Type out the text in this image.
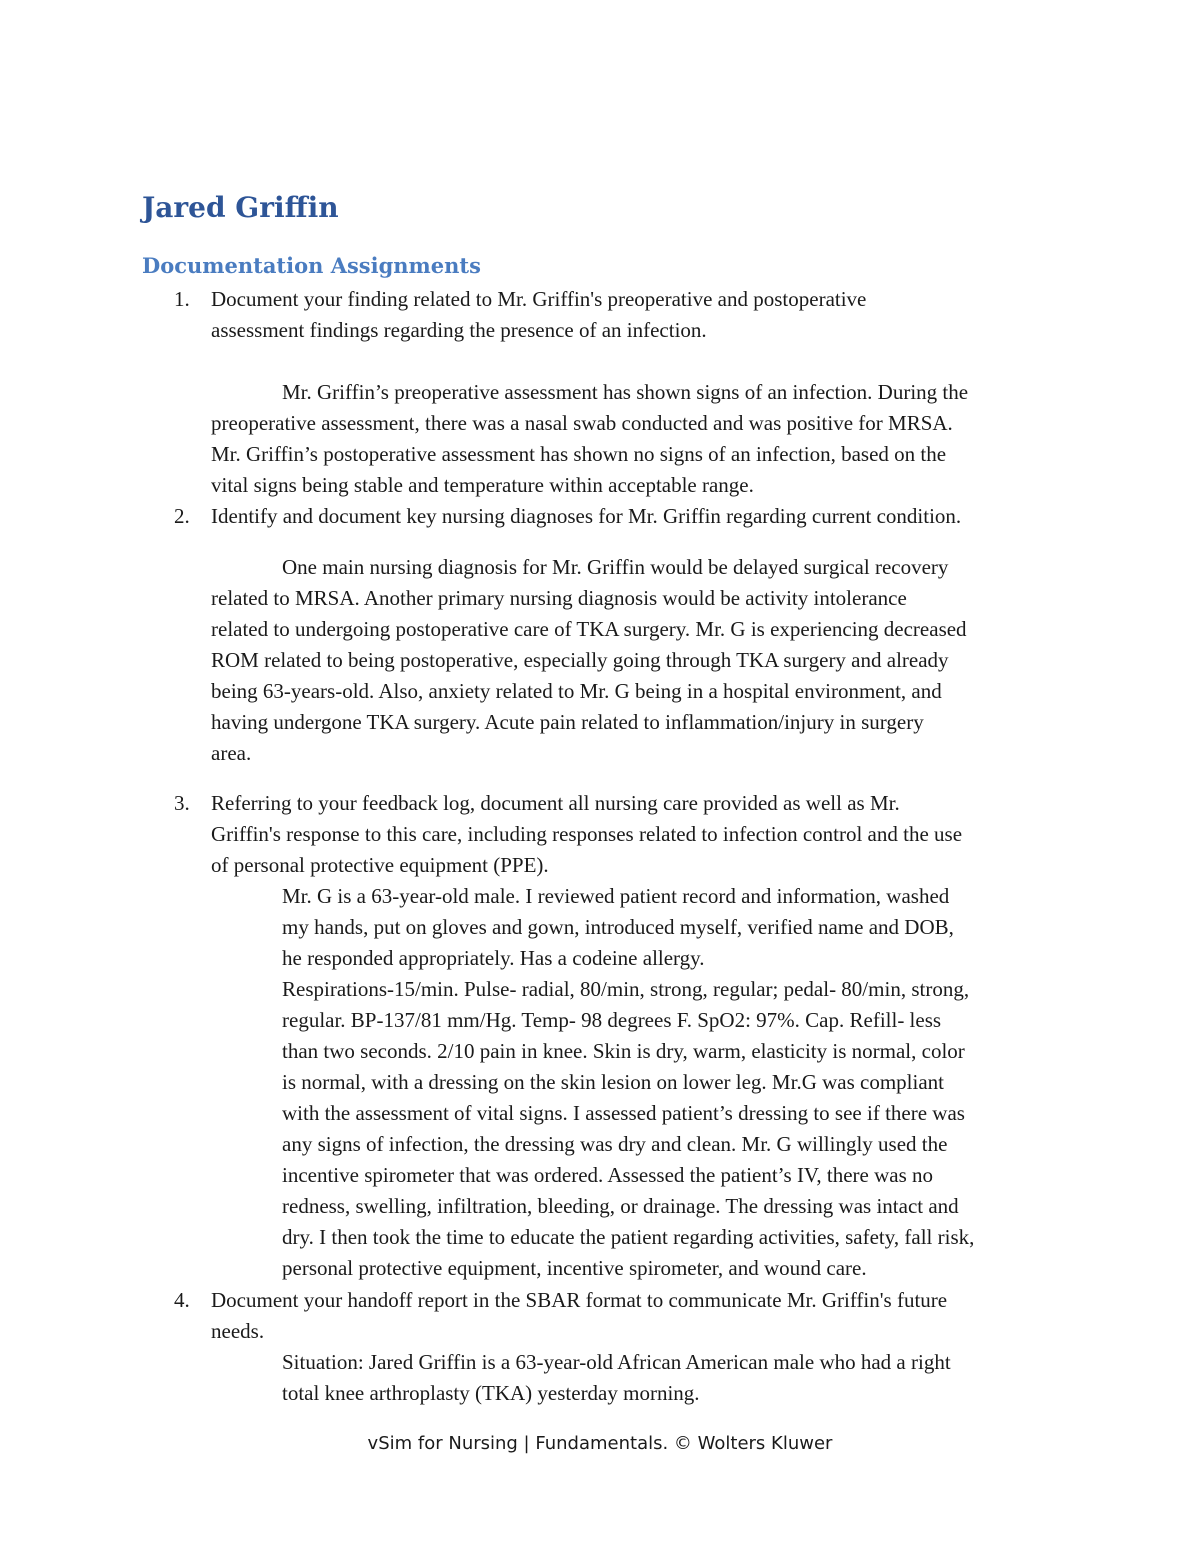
Jared Griffin
Documentation Assignments
1. Document your finding related to Mr. Griffin's preoperative and postoperative
assessment findings regarding the presence of an infection.
Mr. Griffin’s preoperative assessment has shown signs of an infection. During the
preoperative assessment, there was a nasal swab conducted and was positive for MRSA.
Mr. Griffin’s postoperative assessment has shown no signs of an infection, based on the
vital signs being stable and temperature within acceptable range.
2. Identify and document key nursing diagnoses for Mr. Griffin regarding current condition.
One main nursing diagnosis for Mr. Griffin would be delayed surgical recovery
related to MRSA. Another primary nursing diagnosis would be activity intolerance
related to undergoing postoperative care of TKA surgery. Mr. G is experiencing decreased
ROM related to being postoperative, especially going through TKA surgery and already
being 63-years-old. Also, anxiety related to Mr. G being in a hospital environment, and
having undergone TKA surgery. Acute pain related to inflammation/injury in surgery
area.
3. Referring to your feedback log, document all nursing care provided as well as Mr.
Griffin's response to this care, including responses related to infection control and the use
of personal protective equipment (PPE).
Mr. G is a 63-year-old male. I reviewed patient record and information, washed
my hands, put on gloves and gown, introduced myself, verified name and DOB,
he responded appropriately. Has a codeine allergy.
Respirations-15/min. Pulse- radial, 80/min, strong, regular; pedal- 80/min, strong,
regular. BP-137/81 mm/Hg. Temp- 98 degrees F. SpO2: 97%. Cap. Refill- less
than two seconds. 2/10 pain in knee. Skin is dry, warm, elasticity is normal, color
is normal, with a dressing on the skin lesion on lower leg. Mr.G was compliant
with the assessment of vital signs. I assessed patient’s dressing to see if there was
any signs of infection, the dressing was dry and clean. Mr. G willingly used the
incentive spirometer that was ordered. Assessed the patient’s IV, there was no
redness, swelling, infiltration, bleeding, or drainage. The dressing was intact and
dry. I then took the time to educate the patient regarding activities, safety, fall risk,
personal protective equipment, incentive spirometer, and wound care.
4. Document your handoff report in the SBAR format to communicate Mr. Griffin's future
needs.
Situation: Jared Griffin is a 63-year-old African American male who had a right
total knee arthroplasty (TKA) yesterday morning.
vSim for Nursing | Fundamentals. © Wolters Kluwer
